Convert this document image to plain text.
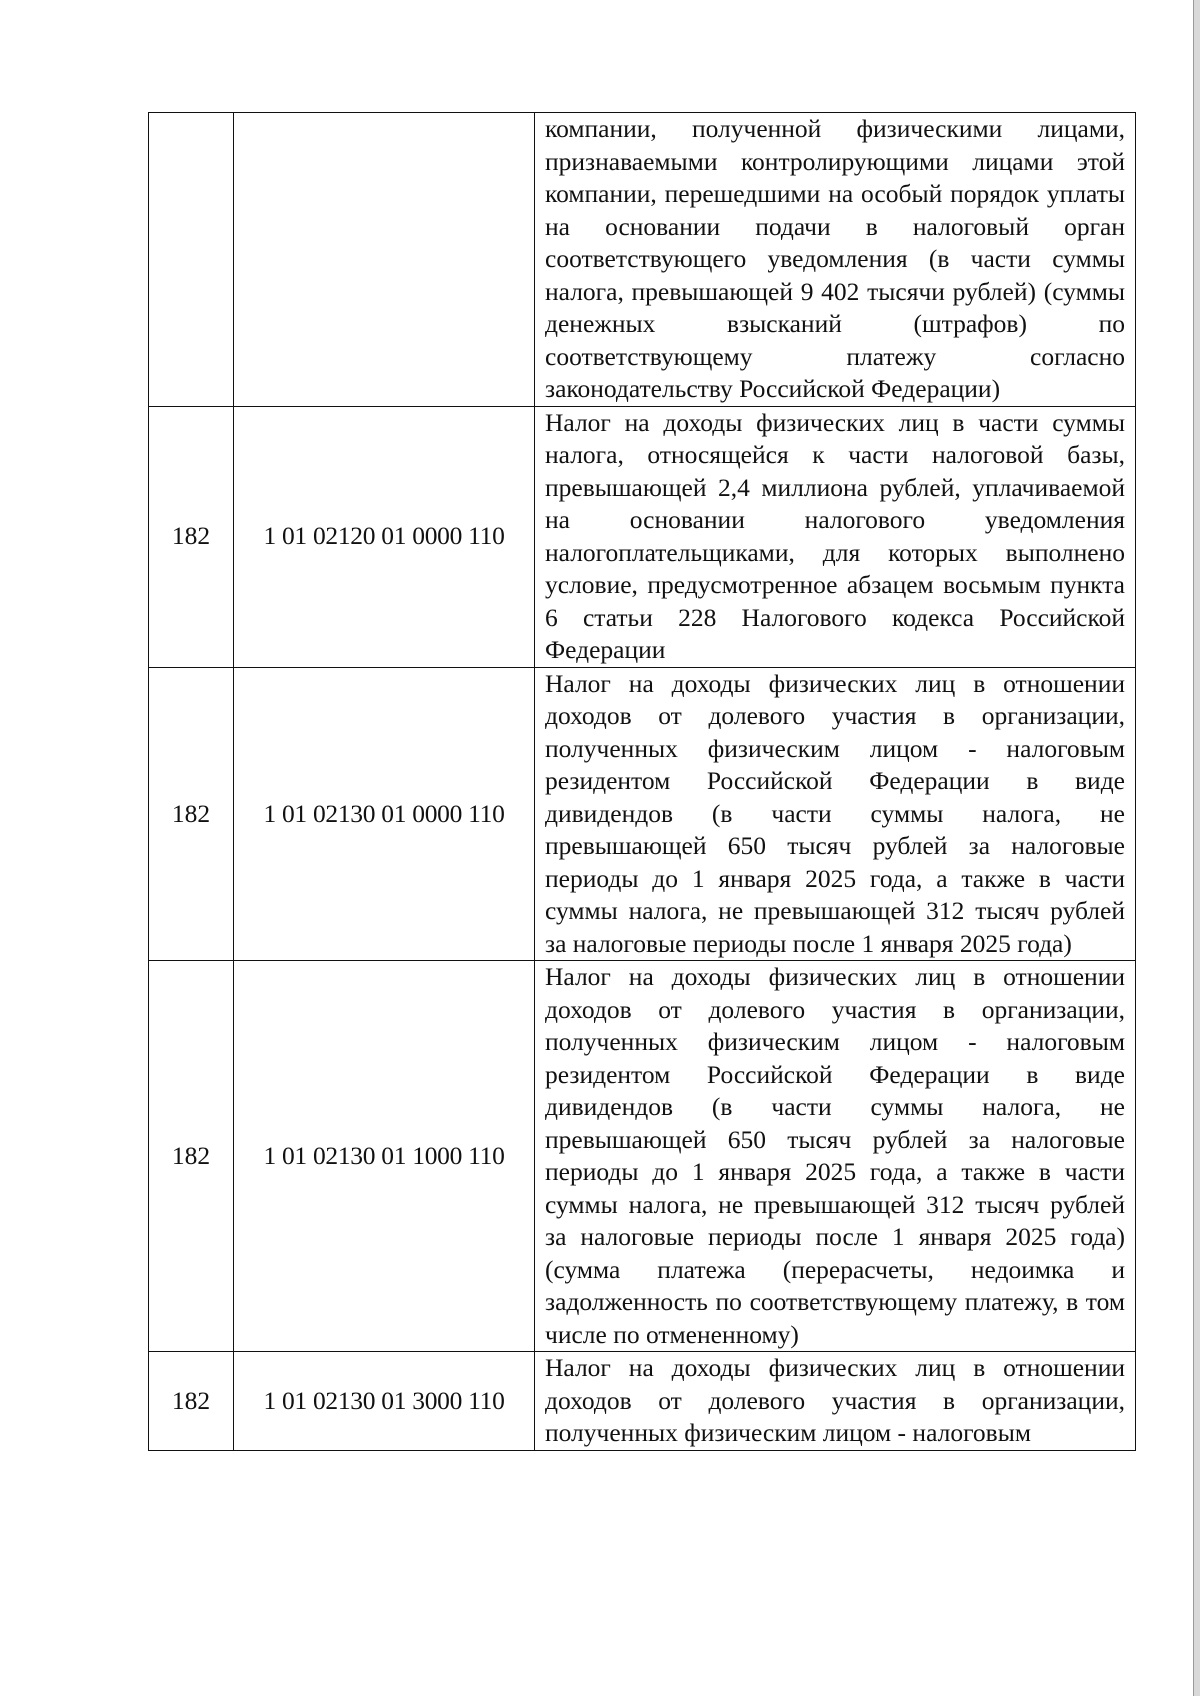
		компании, полученной физическими лицами, признаваемыми контролирующими лицами этой компании, перешедшими на особый порядок уплаты на основании подачи в налоговый орган соответствующего уведомления (в части суммы налога, превышающей 9 402 тысячи рублей) (суммы денежных взысканий (штрафов) по соответствующему платежу согласно законодательству Российской Федерации)
182	1 01 02120 01 0000 110	Налог на доходы физических лиц в части суммы налога, относящейся к части налоговой базы, превышающей 2,4 миллиона рублей, уплачиваемой на основании налогового уведомления налогоплательщиками, для которых выполнено условие, предусмотренное абзацем восьмым пункта 6 статьи 228 Налогового кодекса Российской Федерации
182	1 01 02130 01 0000 110	Налог на доходы физических лиц в отношении доходов от долевого участия в организации, полученных физическим лицом - налоговым резидентом Российской Федерации в виде дивидендов (в части суммы налога, не превышающей 650 тысяч рублей за налоговые периоды до 1 января 2025 года, а также в части суммы налога, не превышающей 312 тысяч рублей за налоговые периоды после 1 января 2025 года)
182	1 01 02130 01 1000 110	Налог на доходы физических лиц в отношении доходов от долевого участия в организации, полученных физическим лицом - налоговым резидентом Российской Федерации в виде дивидендов (в части суммы налога, не превышающей 650 тысяч рублей за налоговые периоды до 1 января 2025 года, а также в части суммы налога, не превышающей 312 тысяч рублей за налоговые периоды после 1 января 2025 года) (сумма платежа (перерасчеты, недоимка и задолженность по соответствующему платежу, в том числе по отмененному)
182	1 01 02130 01 3000 110	Налог на доходы физических лиц в отношении доходов от долевого участия в организации, полученных физическим лицом - налоговым
